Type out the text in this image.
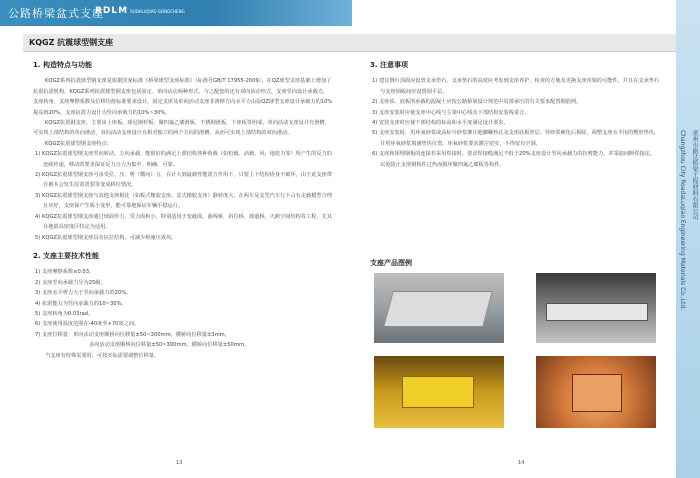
公路桥梁盆式支座
RDLM RUDALUQIAO GONGCHENG
KQGZ 抗震球型钢支座
常州市路达桥梁工程材料有限公司
Changzhou City RoadaLuqiao Engineering Materials Co.,Ltd.
1. 构造特点与功能

KQGZ系列抗震球型钢支座是依据国家标准《桥梁球型支座标准》（标准号GB/T 17955-2009），在QZ球型支座基础上增加了抗震抗震机构，KQGZ系列抗震球型钢支座包括固定、单向活动两种形式，与之配套的还有双向活动形式，支座竖向设计承载力，支座转角，支座摩擦系数及位移均按标准要求设计，固定支座及单向活动支座非滑移方向水平力由原QZ球型支座设计承载力的10%提高到20%，支座抗震力设计为竖向承载力的10%~30%。

KQGZ抗震钢支座，主要由上座板、球冠钢衬板、聚四氟乙烯滑板、不锈钢滑板、下座板等组成，单向活动支座设计有滑槽，可实现上部结构的单向滑动，双向活动支座设计有相对独立的两个方向的滑槽，从而可实现上部结构的双向滑动。

KQGZ抗震球型钢支座特点：

1) KQGZ抗震球型钢支座竖向转动，万向承载，能很好的满足上部结构各种荷载（如恒载、活载、风、地震力等）所产生的反力的连续传递，移动的要求保证反力合力为集中，明确、可靠。

2) KQGZ抗震球型钢支座可承受拉、压、剪（横向）力，在计大到最载性能震力作用下，只要上下结构协身不破坏，由于此支座带有被本会发生原震震裂等变成移位情况。

3) KQGZ抗震球型钢支座与其他支座相比（如板式橡胶支座、盆式橡胶支座）静转度大，在两车及支型汽车行下占有走载模型合理且应好，支座保产生板小变形，能可靠地保证车辆平稳运行。

4) KQGZ抗震球型钢支座通过球面传力，受力面积小，特别适用于变截面，曲线桥，斜拉桥，坡道桥，大跨空间结构等工程，尤其在地震高密度区特定为适用。

5) KQGZ抗震球型钢支座具有抗拉结构，可减少桥施压成块。

2. 支座主要技术性能

1) 支座摩擦系数≤0.03。

2) 支座竖向承载力分为25级。

3) 支座水平剪力大于竖向承载力的20%。

4) 抗震能力为竖向承载力的10~30%。

5) 支座转角为0.03rad。

6) 支座使用温度范围在-40度至+70度之间。

7) 支座位移量：单向活动支座顺桥向位移量±50~300mm，横桥向位移量±3mm。

多向活动支座顺桥向位移量±50~300mm，横桥向位移量±50mm。

当支座有特殊需要时，可按实际需要调整位移量。

3. 注意事项

1) 建议墩台顶面应设置支承垫石，支承垫石的高度应考虑到支座养护、检查的方便及更换支座顶梁的可能性，并且在支承垫石与支座钢板间应设置调平层。

2) 支座顶、底板所承载的混凝土应按公路桥梁设计规范中局部承压的有关要求配置钢筋网。

3) 支座安装时应使支座中心线与主梁中心线及下部结构安装线重合。

4) 安装支座时应使下部结构的标高和水平度满足设计要求。

5) 支座安装时，用环氧砂浆或高标号砂浆灌注地脚螺栓孔及支座底板垫层；待砂浆硬化后拆除，调整支座水平用的楔形垫块，并用环氧砂浆填满垫块位置，环氧砂浆要求灌注密实，不得留有空洞。

6) 支座和预埋钢板的连接若采用焊接时，要求焊接缝满足不低于20%支座设计竖向承载力的抗剪能力，并采取间断焊接法，以免防止支座钢构件过热而损坏聚四氟乙烯板等构件。

支座产品图例
13	14
